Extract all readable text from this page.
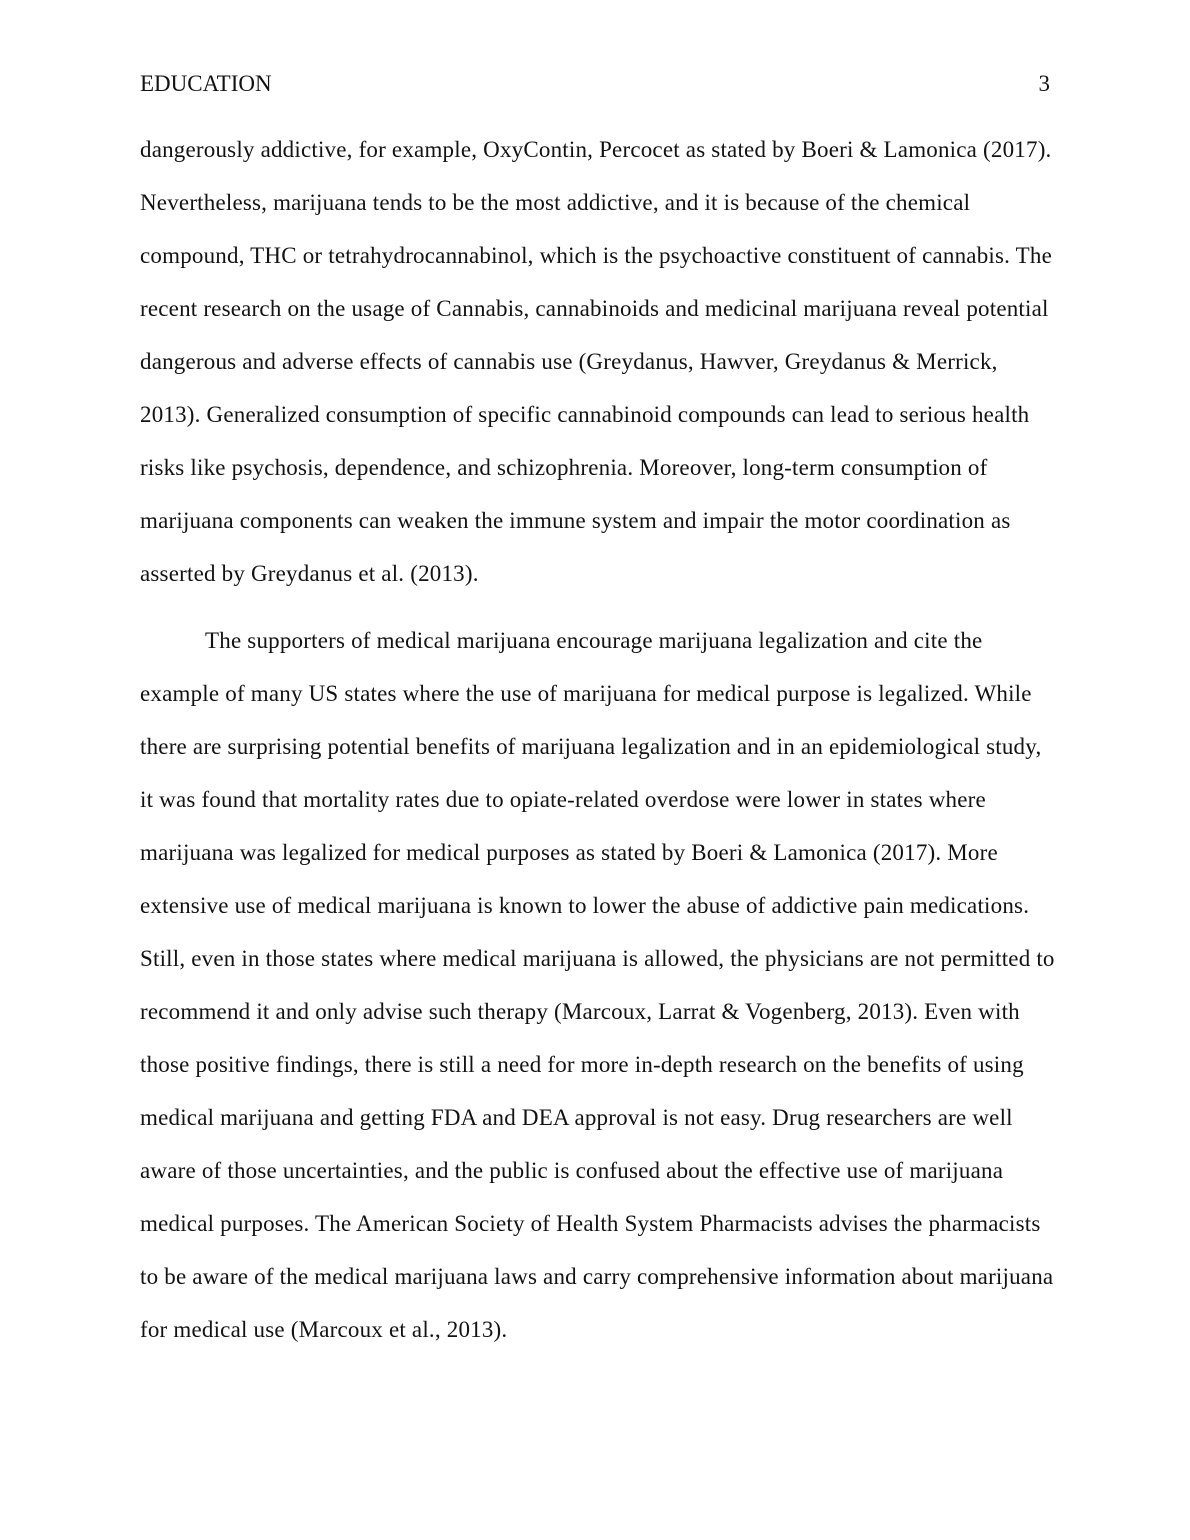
EDUCATION	3
dangerously addictive, for example, OxyContin, Percocet as stated by Boeri & Lamonica (2017).
Nevertheless, marijuana tends to be the most addictive, and it is because of the chemical
compound, THC or tetrahydrocannabinol, which is the psychoactive constituent of cannabis. The
recent research on the usage of Cannabis, cannabinoids and medicinal marijuana reveal potential
dangerous and adverse effects of cannabis use (Greydanus, Hawver, Greydanus & Merrick,
2013). Generalized consumption of specific cannabinoid compounds can lead to serious health
risks like psychosis, dependence, and schizophrenia. Moreover, long-term consumption of
marijuana components can weaken the immune system and impair the motor coordination as
asserted by Greydanus et al. (2013).
The supporters of medical marijuana encourage marijuana legalization and cite the
example of many US states where the use of marijuana for medical purpose is legalized. While
there are surprising potential benefits of marijuana legalization and in an epidemiological study,
it was found that mortality rates due to opiate-related overdose were lower in states where
marijuana was legalized for medical purposes as stated by Boeri & Lamonica (2017). More
extensive use of medical marijuana is known to lower the abuse of addictive pain medications.
Still, even in those states where medical marijuana is allowed, the physicians are not permitted to
recommend it and only advise such therapy (Marcoux, Larrat & Vogenberg, 2013). Even with
those positive findings, there is still a need for more in-depth research on the benefits of using
medical marijuana and getting FDA and DEA approval is not easy. Drug researchers are well
aware of those uncertainties, and the public is confused about the effective use of marijuana
medical purposes. The American Society of Health System Pharmacists advises the pharmacists
to be aware of the medical marijuana laws and carry comprehensive information about marijuana
for medical use (Marcoux et al., 2013).
